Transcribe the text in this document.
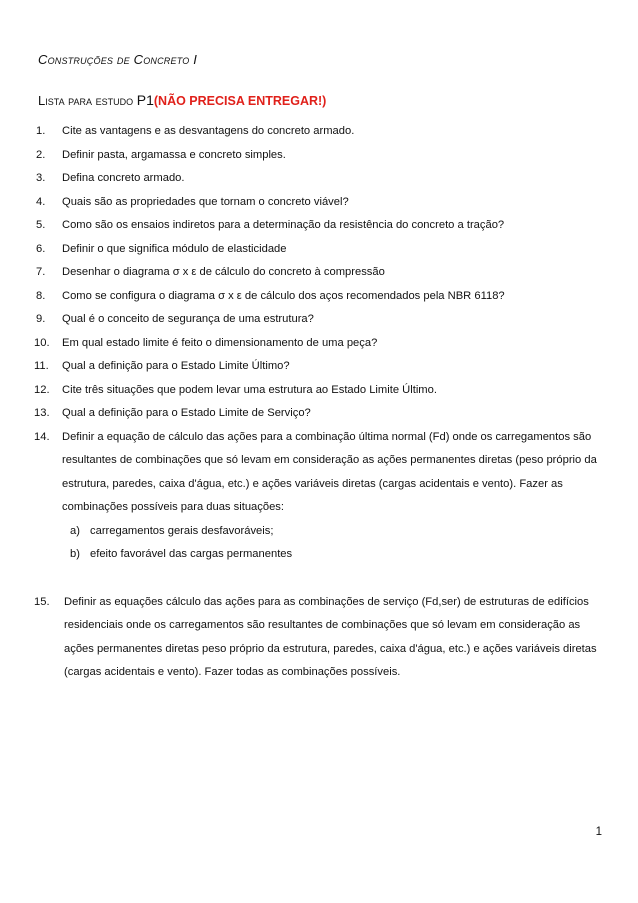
Construções de Concreto I
Lista para estudo P1(NÃO PRECISA ENTREGAR!)
1.	Cite as vantagens e as desvantagens do concreto armado.
2.	Definir pasta, argamassa e concreto simples.
3.	Defina concreto armado.
4.	Quais são as propriedades que tornam o concreto viável?
5.	Como são os ensaios indiretos para a determinação da resistência do concreto a tração?
6.	Definir o que significa módulo de elasticidade
7.	Desenhar o diagrama σ x ε de cálculo do concreto à compressão
8.	Como se configura o diagrama σ x ε de cálculo dos aços recomendados pela NBR 6118?
9.	Qual é o conceito de segurança de uma estrutura?
10.	Em qual estado limite é feito o dimensionamento de uma peça?
11.	Qual a definição para o Estado Limite Último?
12.	Cite três situações que podem levar uma estrutura ao Estado Limite Último.
13.	Qual a definição para o Estado Limite de Serviço?
14.	Definir a equação de cálculo das ações para a combinação última normal (Fd) onde os carregamentos são resultantes de combinações que só levam em consideração as ações permanentes diretas (peso próprio da estrutura, paredes, caixa d'água, etc.) e ações variáveis diretas (cargas acidentais e vento). Fazer as combinações possíveis para duas situações:
a) carregamentos gerais desfavoráveis;
b) efeito favorável das cargas permanentes
15.	Definir as equações cálculo das ações para as combinações de serviço (Fd,ser) de estruturas de edifícios residenciais onde os carregamentos são resultantes de combinações que só levam em consideração as ações permanentes diretas peso próprio da estrutura, paredes, caixa d'água, etc.) e ações variáveis diretas (cargas acidentais e vento). Fazer todas as combinações possíveis.
1
